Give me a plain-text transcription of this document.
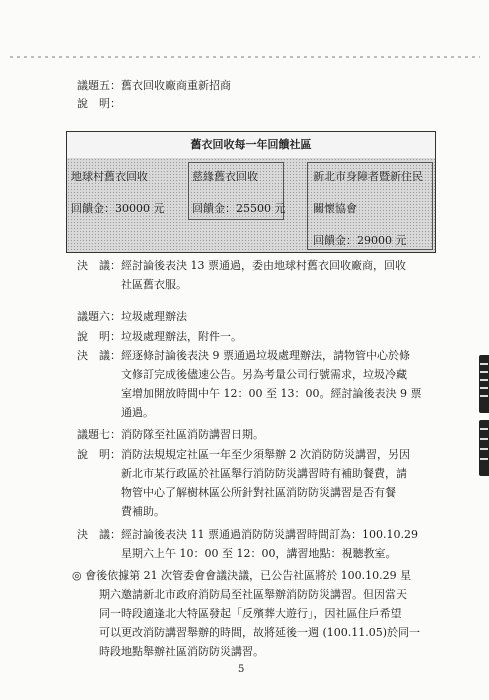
議題五：舊衣回收廠商重新招商
說　明：
舊衣回收每一年回饋社區
地球村舊衣回收
回饋金：30000 元
慈緣舊衣回收
回饋金：25500 元
新北市身障者暨新住民
關懷協會
回饋金：29000 元
決　議：經討論後表決 13 票通過，委由地球村舊衣回收廠商，回收
社區舊衣服。
議題六：垃圾處理辦法
說　明：垃圾處理辦法，附件一。
決　議：經逐條討論後表決 9 票通過垃圾處理辦法，請物管中心於條
文修訂完成後儘速公告。另為考量公司行號需求，垃圾冷藏
室增加開放時間中午 12：00 至 13：00。經討論後表決 9 票
通過。
議題七：消防隊至社區消防講習日期。
說　明：消防法規規定社區一年至少須舉辦 2 次消防防災講習，另因
新北市某行政區於社區舉行消防防災講習時有補助餐費，請
物管中心了解樹林區公所針對社區消防防災講習是否有餐
費補助。
決　議：經討論後表決 11 票通過消防防災講習時間訂為：100.10.29
星期六上午 10：00 至 12：00，講習地點：視聽教室。
◎ 會後依據第 21 次管委會會議決議，已公告社區將於 100.10.29 星
期六邀請新北市政府消防局至社區舉辦消防防災講習。但因當天
同一時段適逢北大特區發起「反殯葬大遊行」，因社區住戶希望
可以更改消防講習舉辦的時間，故將延後一週 (100.11.05)於同一
時段地點舉辦社區消防防災講習。
5
